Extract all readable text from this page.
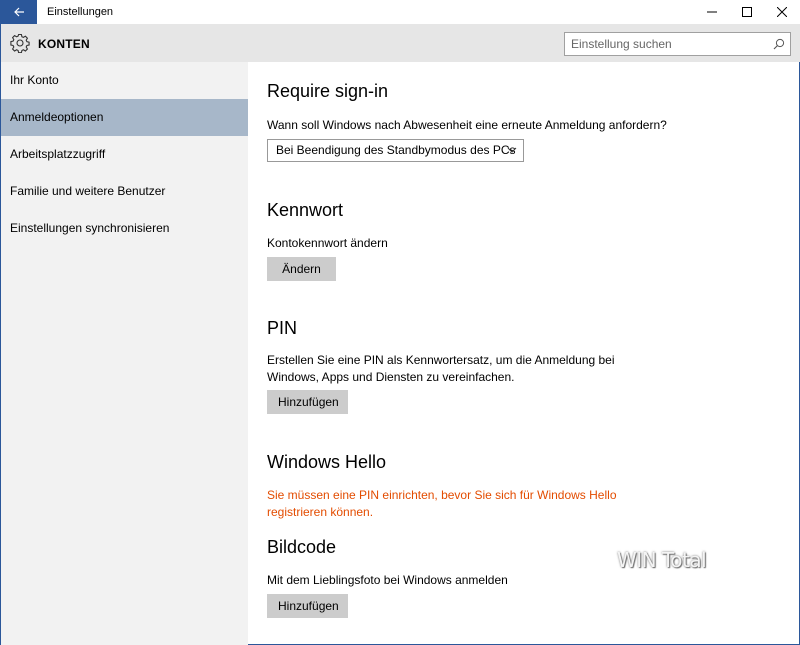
Einstellungen
KONTEN
Einstellung suchen
Ihr Konto
Anmeldeoptionen
Arbeitsplatzzugriff
Familie und weitere Benutzer
Einstellungen synchronisieren
Require sign-in
Wann soll Windows nach Abwesenheit eine erneute Anmeldung anfordern?
Bei Beendigung des Standbymodus des PCs
Kennwort
Kontokennwort ändern
Ändern
PIN
Erstellen Sie eine PIN als Kennwortersatz, um die Anmeldung bei
Windows, Apps und Diensten zu vereinfachen.
Hinzufügen
Windows Hello
Sie müssen eine PIN einrichten, bevor Sie sich für Windows Hello
registrieren können.
Bildcode
Mit dem Lieblingsfoto bei Windows anmelden
Hinzufügen
WIN Total
